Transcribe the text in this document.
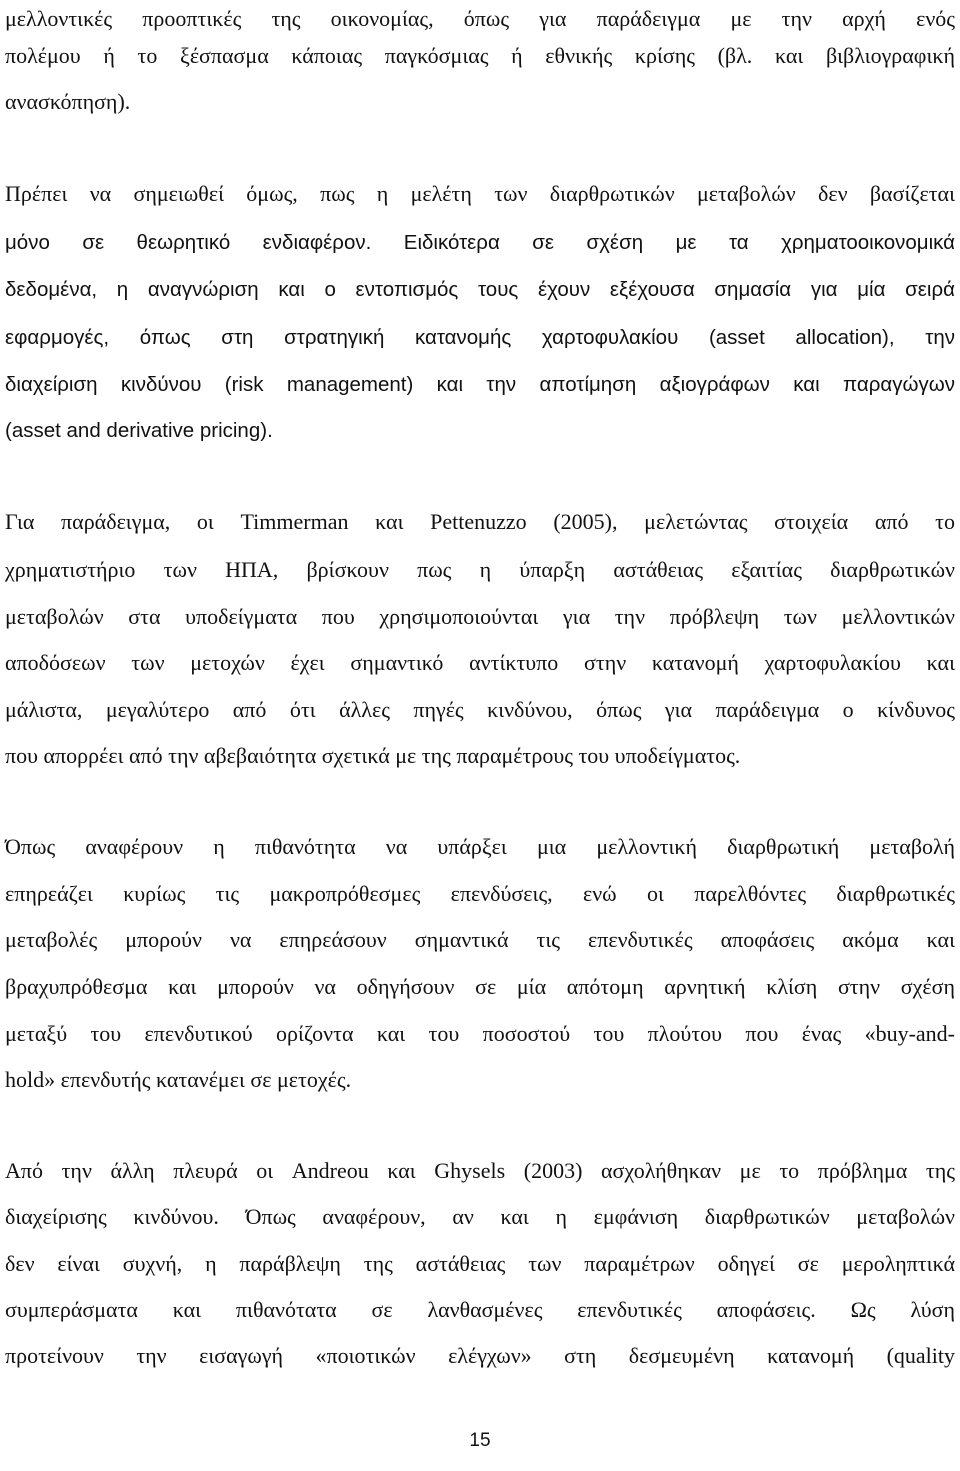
μελλοντικές προοπτικές της οικονομίας, όπως για παράδειγμα με την αρχή ενός
πολέμου ή το ξέσπασμα κάποιας παγκόσμιας ή εθνικής κρίσης (βλ. και βιβλιογραφική
ανασκόπηση).
Πρέπει να σημειωθεί όμως, πως η μελέτη των διαρθρωτικών μεταβολών δεν βασίζεται
μόνο σε θεωρητικό ενδιαφέρον. Ειδικότερα σε σχέση με τα χρηματοοικονομικά
δεδομένα, η αναγνώριση και ο εντοπισμός τους έχουν εξέχουσα σημασία για μία σειρά
εφαρμογές, όπως στη στρατηγική κατανομής χαρτοφυλακίου (asset allocation), την
διαχείριση κινδύνου (risk management) και την αποτίμηση αξιογράφων και παραγώγων
(asset and derivative pricing).
Για παράδειγμα, οι Timmerman και Pettenuzzo (2005), μελετώντας στοιχεία από το
χρηματιστήριο των ΗΠΑ, βρίσκουν πως η ύπαρξη αστάθειας εξαιτίας διαρθρωτικών
μεταβολών στα υποδείγματα που χρησιμοποιούνται για την πρόβλεψη των μελλοντικών
αποδόσεων των μετοχών έχει σημαντικό αντίκτυπο στην κατανομή χαρτοφυλακίου και
μάλιστα, μεγαλύτερο από ότι άλλες πηγές κινδύνου, όπως για παράδειγμα ο κίνδυνος
που απορρέει από την αβεβαιότητα σχετικά με της παραμέτρους του υποδείγματος.
Όπως αναφέρουν η πιθανότητα να υπάρξει μια μελλοντική διαρθρωτική μεταβολή
επηρεάζει κυρίως τις μακροπρόθεσμες επενδύσεις, ενώ οι παρελθόντες διαρθρωτικές
μεταβολές μπορούν να επηρεάσουν σημαντικά τις επενδυτικές αποφάσεις ακόμα και
βραχυπρόθεσμα και μπορούν να οδηγήσουν σε μία απότομη αρνητική κλίση στην σχέση
μεταξύ του επενδυτικού ορίζοντα και του ποσοστού του πλούτου που ένας «buy-and-
hold» επενδυτής κατανέμει σε μετοχές.
Από την άλλη πλευρά οι Andreou και Ghysels (2003) ασχολήθηκαν με το πρόβλημα της
διαχείρισης κινδύνου. Όπως αναφέρουν, αν και η εμφάνιση διαρθρωτικών μεταβολών
δεν είναι συχνή, η παράβλεψη της αστάθειας των παραμέτρων οδηγεί σε μεροληπτικά
συμπεράσματα και πιθανότατα σε λανθασμένες επενδυτικές αποφάσεις. Ως λύση
προτείνουν την εισαγωγή «ποιοτικών ελέγχων» στη δεσμευμένη κατανομή (quality
15
